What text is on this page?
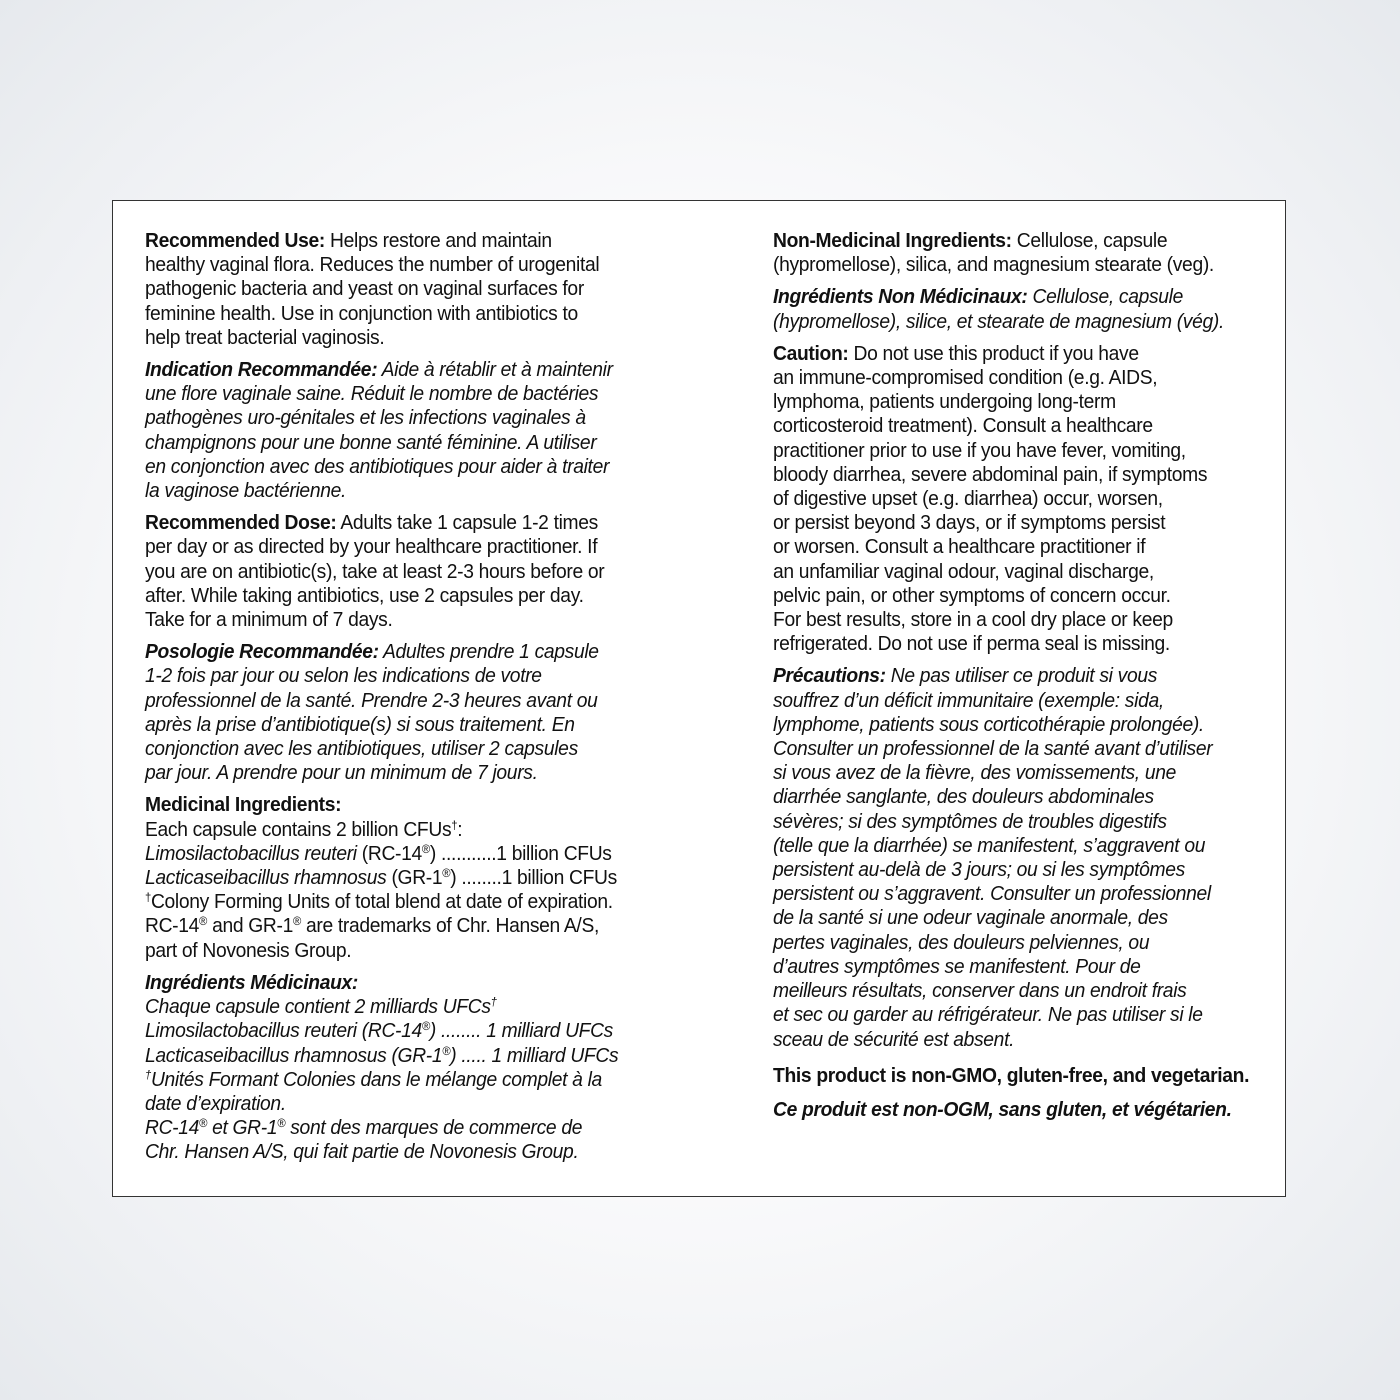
Recommended Use: Helps restore and maintain
healthy vaginal flora. Reduces the number of urogenital
pathogenic bacteria and yeast on vaginal surfaces for
feminine health. Use in conjunction with antibiotics to
help treat bacterial vaginosis.
Indication Recommandée: Aide à rétablir et à maintenir
une flore vaginale saine. Réduit le nombre de bactéries
pathogènes uro-génitales et les infections vaginales à
champignons pour une bonne santé féminine. A utiliser
en conjonction avec des antibiotiques pour aider à traiter
la vaginose bactérienne.
Recommended Dose: Adults take 1 capsule 1-2 times
per day or as directed by your healthcare practitioner. If
you are on antibiotic(s), take at least 2-3 hours before or
after. While taking antibiotics, use 2 capsules per day.
Take for a minimum of 7 days.
Posologie Recommandée: Adultes prendre 1 capsule
1-2 fois par jour ou selon les indications de votre
professionnel de la santé. Prendre 2-3 heures avant ou
après la prise d’antibiotique(s) si sous traitement. En
conjonction avec les antibiotiques, utiliser 2 capsules
par jour. A prendre pour un minimum de 7 jours.
Medicinal Ingredients:
Each capsule contains 2 billion CFUs†:
Limosilactobacillus reuteri (RC-14®) ...........1 billion CFUs
Lacticaseibacillus rhamnosus (GR-1®) ........1 billion CFUs
†Colony Forming Units of total blend at date of expiration.
RC-14® and GR-1® are trademarks of Chr. Hansen A/S,
part of Novonesis Group.
Ingrédients Médicinaux:
Chaque capsule contient 2 milliards UFCs†
Limosilactobacillus reuteri (RC-14®) ........ 1 milliard UFCs
Lacticaseibacillus rhamnosus (GR-1®) ..... 1 milliard UFCs
†Unités Formant Colonies dans le mélange complet à la
date d’expiration.
RC-14® et GR-1® sont des marques de commerce de
Chr. Hansen A/S, qui fait partie de Novonesis Group.
Non-Medicinal Ingredients: Cellulose, capsule
(hypromellose), silica, and magnesium stearate (veg).
Ingrédients Non Médicinaux: Cellulose, capsule
(hypromellose), silice, et stearate de magnesium (vég).
Caution: Do not use this product if you have
an immune-compromised condition (e.g. AIDS,
lymphoma, patients undergoing long-term
corticosteroid treatment). Consult a healthcare
practitioner prior to use if you have fever, vomiting,
bloody diarrhea, severe abdominal pain, if symptoms
of digestive upset (e.g. diarrhea) occur, worsen,
or persist beyond 3 days, or if symptoms persist
or worsen. Consult a healthcare practitioner if
an unfamiliar vaginal odour, vaginal discharge,
pelvic pain, or other symptoms of concern occur.
For best results, store in a cool dry place or keep
refrigerated. Do not use if perma seal is missing.
Précautions: Ne pas utiliser ce produit si vous
souffrez d’un déficit immunitaire (exemple: sida,
lymphome, patients sous corticothérapie prolongée).
Consulter un professionnel de la santé avant d’utiliser
si vous avez de la fièvre, des vomissements, une
diarrhée sanglante, des douleurs abdominales
sévères; si des symptômes de troubles digestifs
(telle que la diarrhée) se manifestent, s’aggravent ou
persistent au-delà de 3 jours; ou si les symptômes
persistent ou s’aggravent. Consulter un professionnel
de la santé si une odeur vaginale anormale, des
pertes vaginales, des douleurs pelviennes, ou
d’autres symptômes se manifestent. Pour de
meilleurs résultats, conserver dans un endroit frais
et sec ou garder au réfrigérateur. Ne pas utiliser si le
sceau de sécurité est absent.
This product is non-GMO, gluten-free, and vegetarian.
Ce produit est non-OGM, sans gluten, et végétarien.
